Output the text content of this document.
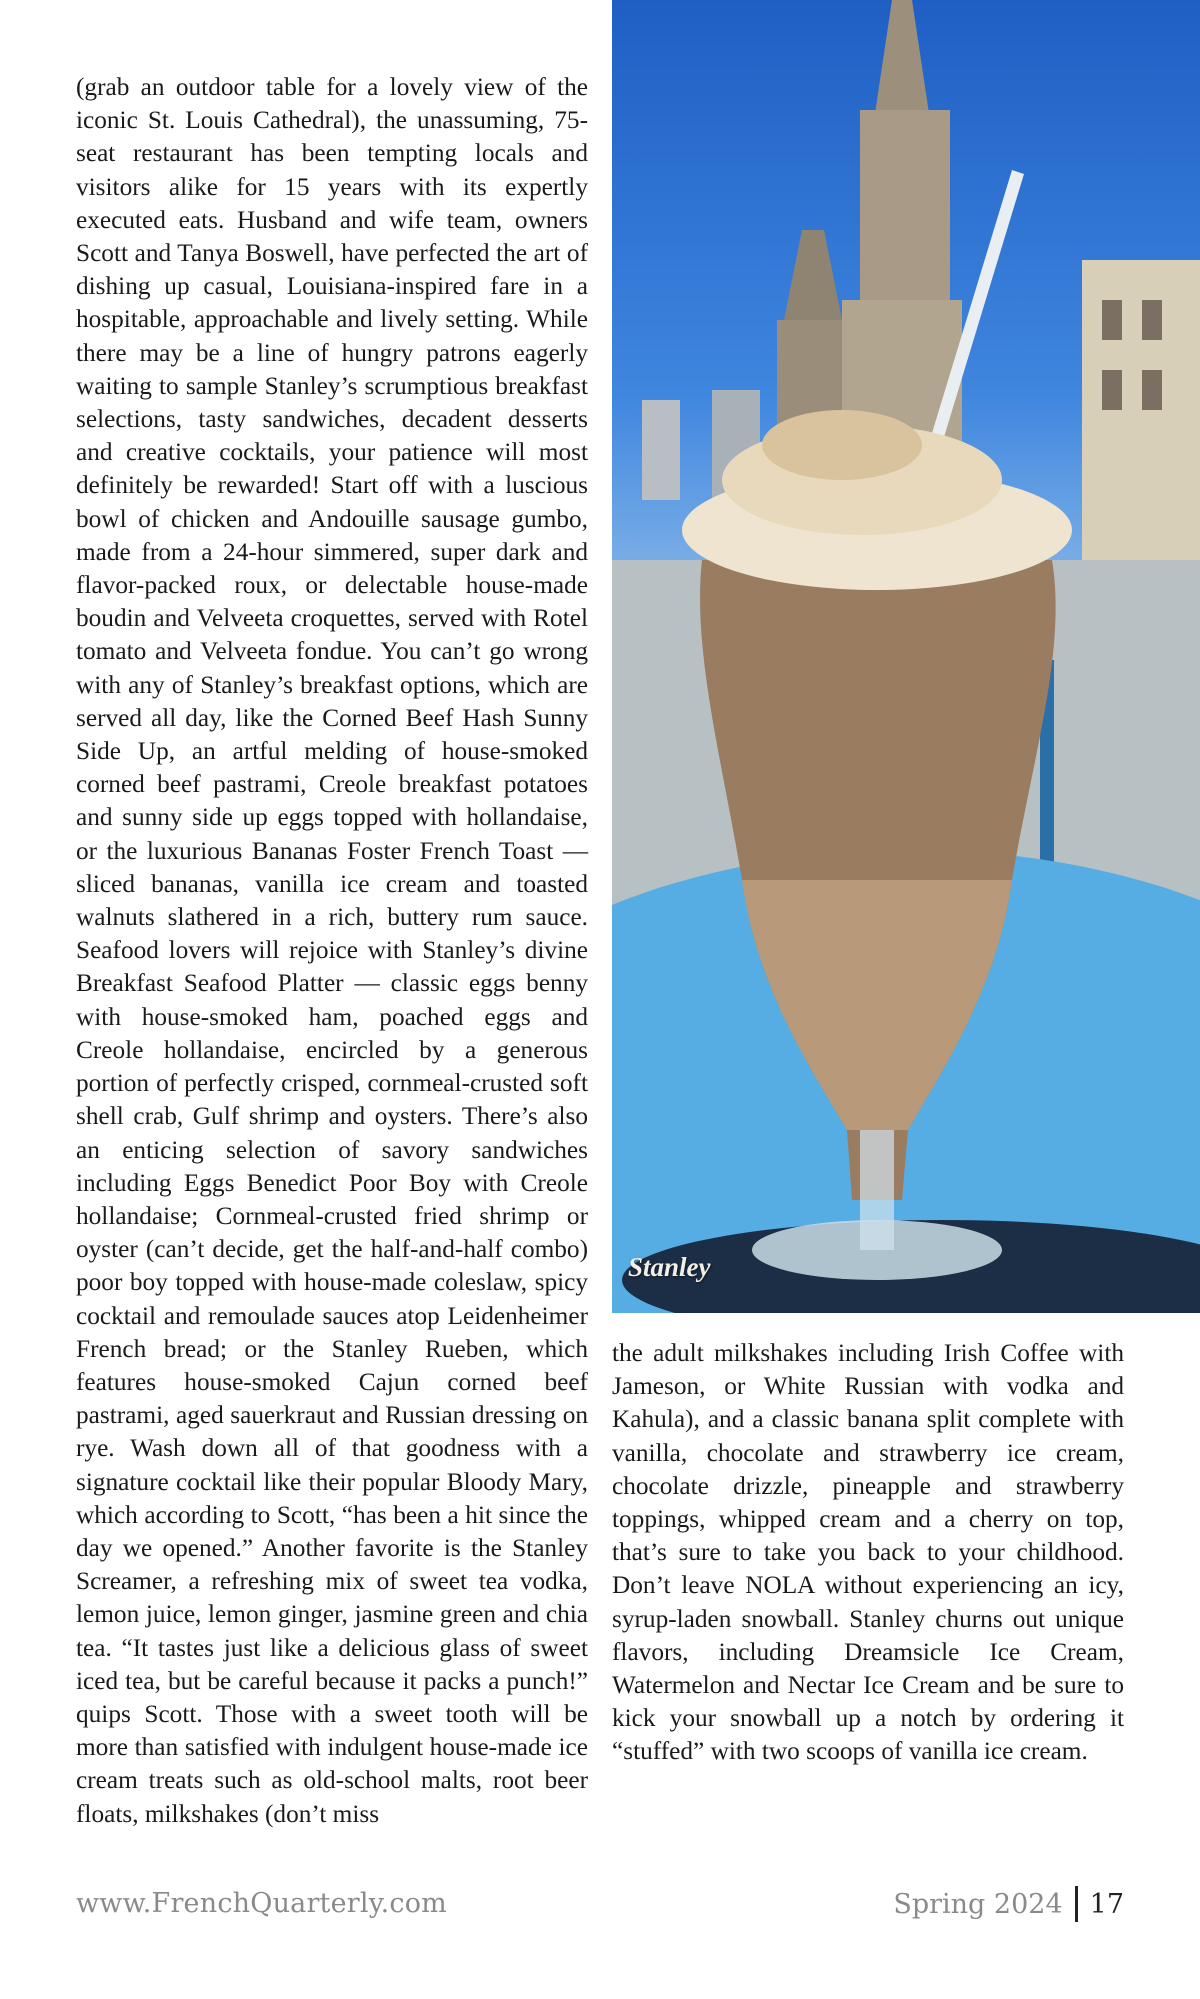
(grab an outdoor table for a lovely view of the iconic St. Louis Cathedral), the unassuming, 75-seat restaurant has been tempting locals and visitors alike for 15 years with its expertly executed eats. Husband and wife team, owners Scott and Tanya Boswell, have perfected the art of dishing up casual, Louisiana-inspired fare in a hospitable, approachable and lively setting. While there may be a line of hungry patrons eagerly waiting to sample Stanley’s scrumptious breakfast selections, tasty sandwiches, decadent desserts and creative cocktails, your patience will most definitely be rewarded! Start off with a luscious bowl of chicken and Andouille sausage gumbo, made from a 24-hour simmered, super dark and flavor-packed roux, or delectable house-made boudin and Velveeta croquettes, served with Rotel tomato and Velveeta fondue. You can’t go wrong with any of Stanley’s breakfast options, which are served all day, like the Corned Beef Hash Sunny Side Up, an artful melding of house-smoked corned beef pastrami, Creole breakfast potatoes and sunny side up eggs topped with hollandaise, or the luxurious Bananas Foster French Toast — sliced bananas, vanilla ice cream and toasted walnuts slathered in a rich, buttery rum sauce. Seafood lovers will rejoice with Stanley’s divine Breakfast Seafood Platter — classic eggs benny with house-smoked ham, poached eggs and Creole hollandaise, encircled by a generous portion of perfectly crisped, cornmeal-crusted soft shell crab, Gulf shrimp and oysters. There’s also an enticing selection of savory sandwiches including Eggs Benedict Poor Boy with Creole hollandaise; Cornmeal-crusted fried shrimp or oyster (can’t decide, get the half-and-half combo) poor boy topped with house-made coleslaw, spicy cocktail and remoulade sauces atop Leidenheimer French bread; or the Stanley Rueben, which features house-smoked Cajun corned beef pastrami, aged sauerkraut and Russian dressing on rye. Wash down all of that goodness with a signature cocktail like their popular Bloody Mary, which according to Scott, “has been a hit since the day we opened.” Another favorite is the Stanley Screamer, a refreshing mix of sweet tea vodka, lemon juice, lemon ginger, jasmine green and chia tea. “It tastes just like a delicious glass of sweet iced tea, but be careful because it packs a punch!” quips Scott. Those with a sweet tooth will be more than satisfied with indulgent house-made ice cream treats such as old-school malts, root beer floats, milkshakes (don’t miss

Stanley

the adult milkshakes including Irish Coffee with Jameson, or White Russian with vodka and Kahula), and a classic banana split complete with vanilla, chocolate and strawberry ice cream, chocolate drizzle, pineapple and strawberry toppings, whipped cream and a cherry on top, that’s sure to take you back to your childhood. Don’t leave NOLA without experiencing an icy, syrup-laden snowball. Stanley churns out unique flavors, including Dreamsicle Ice Cream, Watermelon and Nectar Ice Cream and be sure to kick your snowball up a notch by ordering it “stuffed” with two scoops of vanilla ice cream.

www.FrenchQuarterly.com	Spring 2024 17
